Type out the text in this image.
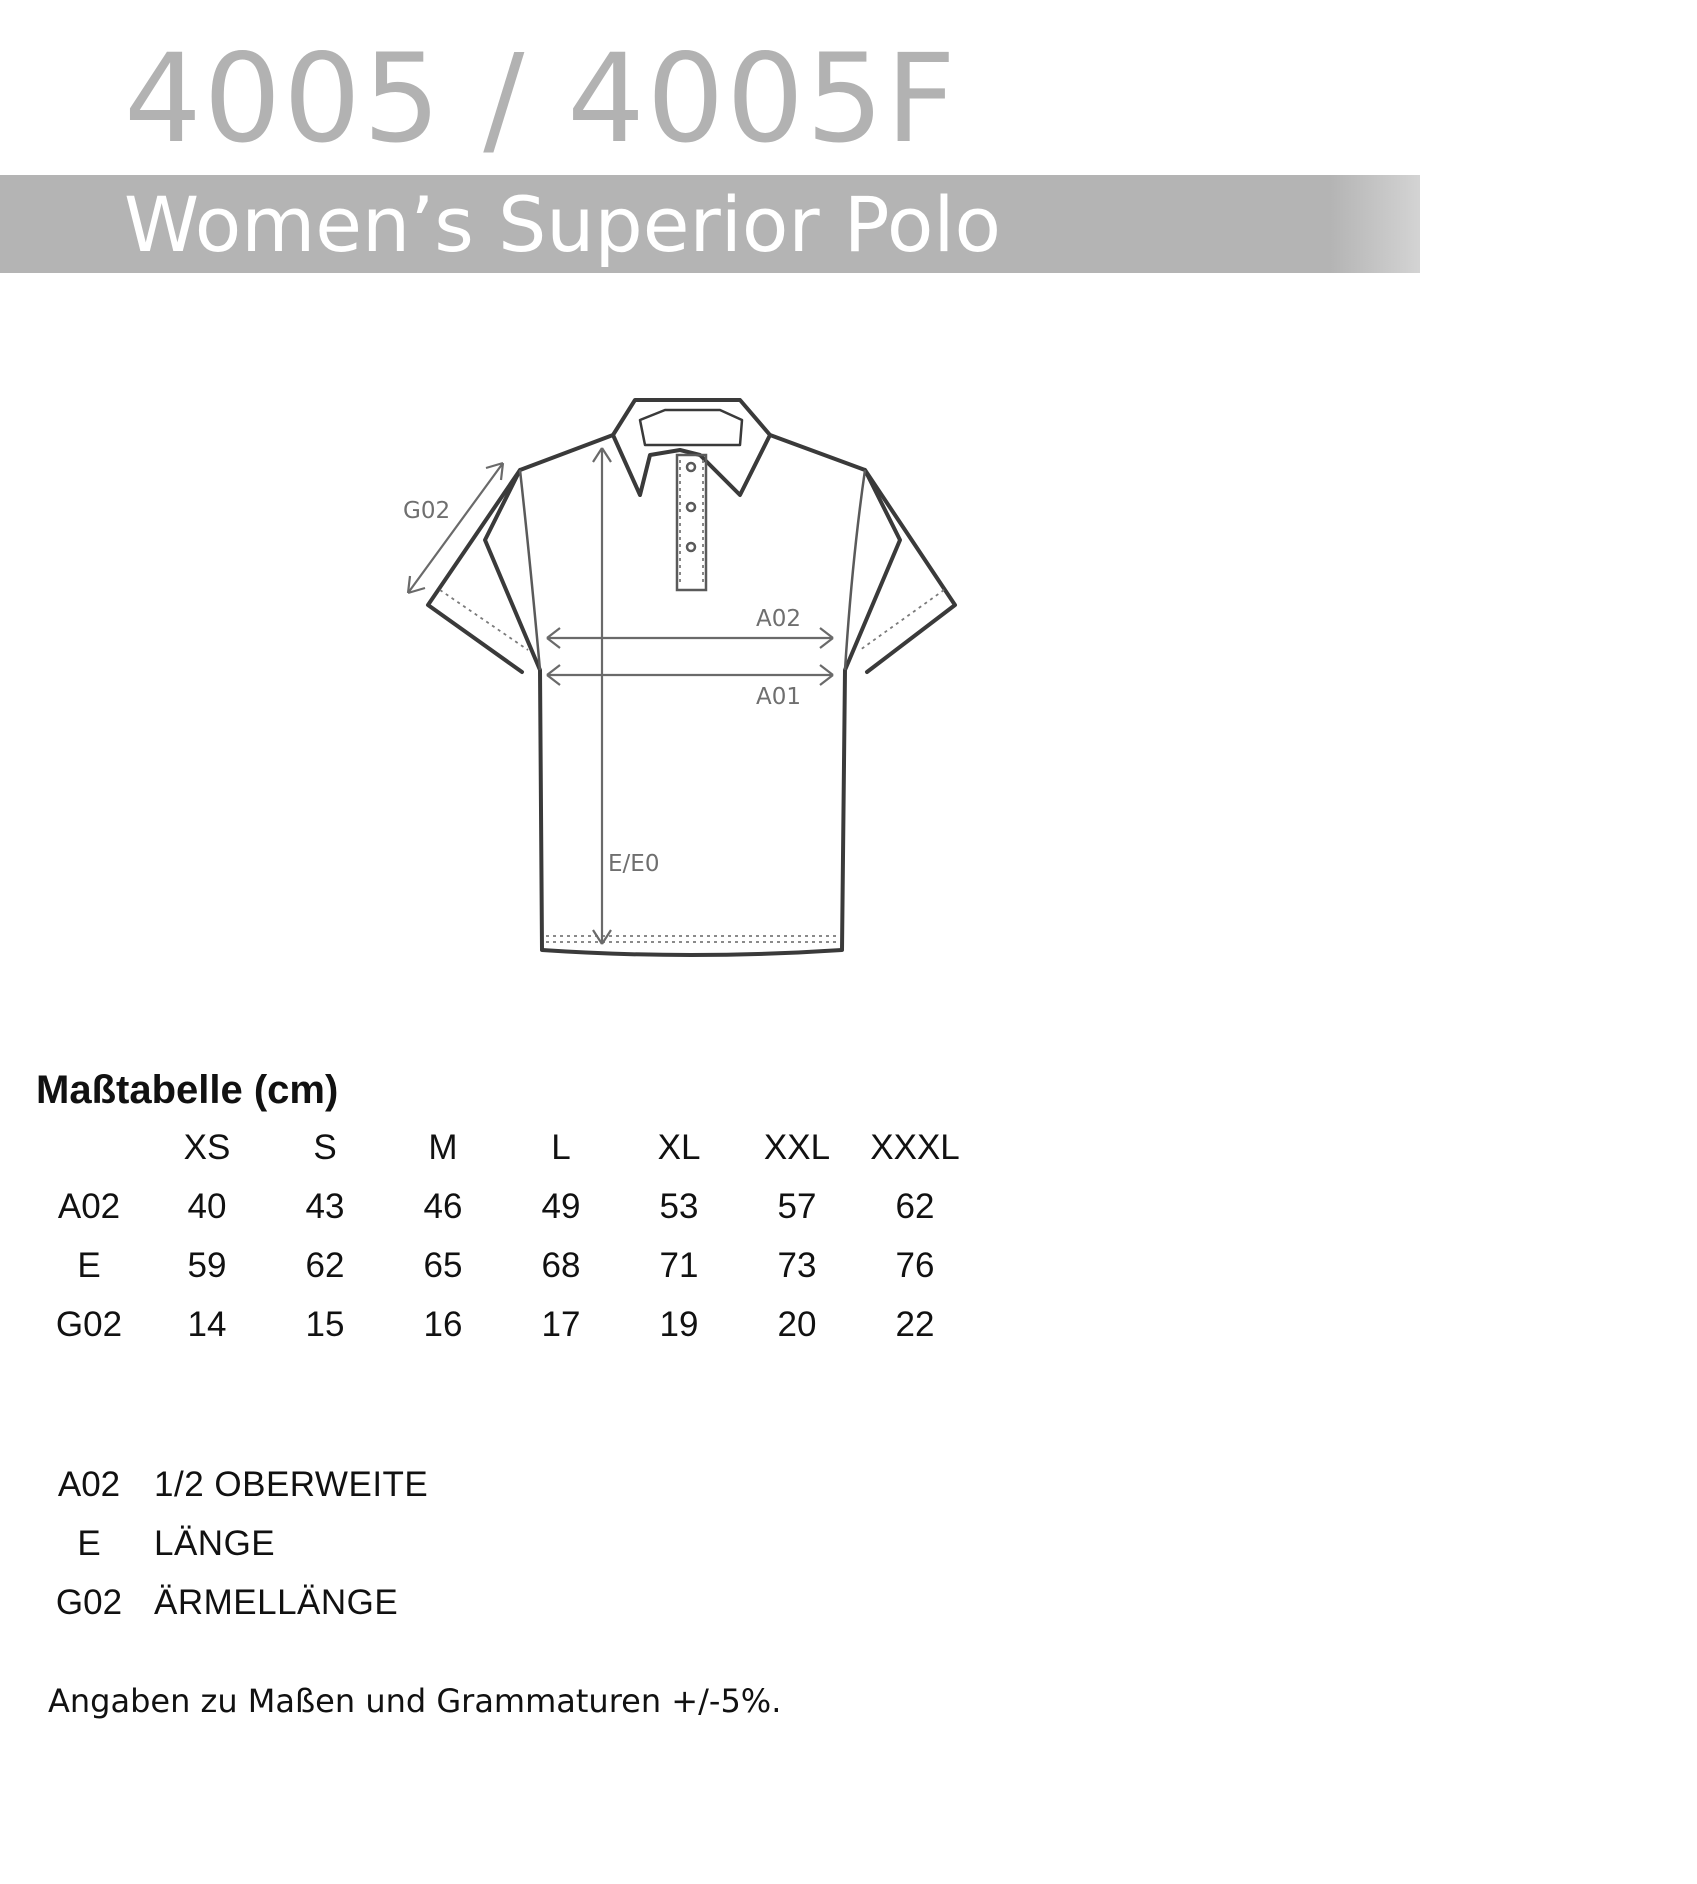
4005 / 4005F
Women’s Superior Polo
G02
A02
A01
E/E0
Maßtabelle (cm)
	XS	S	M	L	XL	XXL	XXXL
A02	40	43	46	49	53	57	62
E	59	62	65	68	71	73	76
G02	14	15	16	17	19	20	22
A02 1/2 OBERWEITE
E	LÄNGE
G02 ÄRMELLÄNGE
Angaben zu Maßen und Grammaturen +/-5%.
